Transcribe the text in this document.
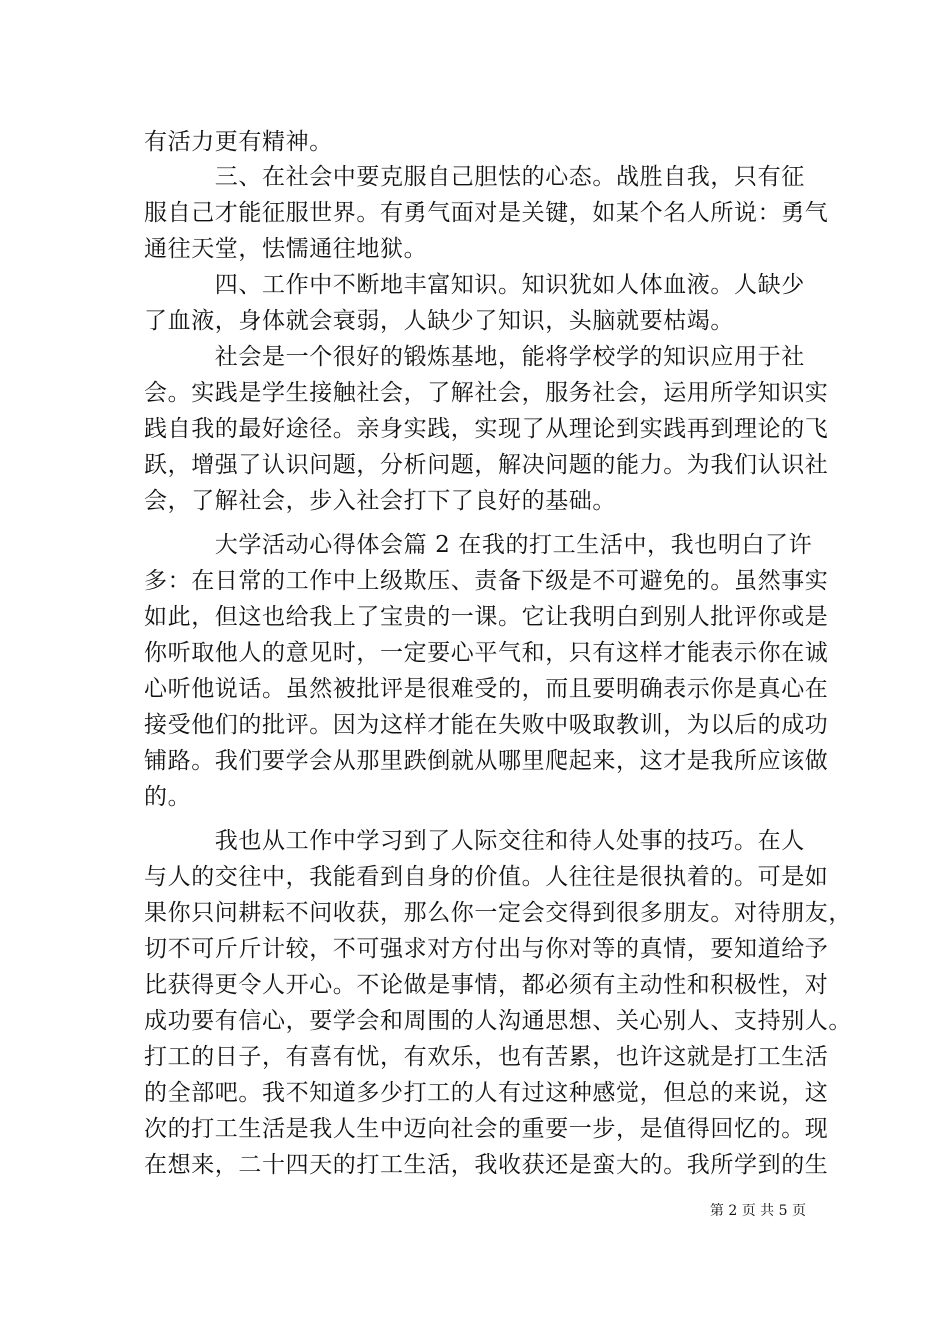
有活力更有精神。
　　　三、在社会中要克服自己胆怯的心态。战胜自我，只有征
服自己才能征服世界。有勇气面对是关键，如某个名人所说：勇气
通往天堂，怯懦通往地狱。
　　　四、工作中不断地丰富知识。知识犹如人体血液。人缺少
了血液，身体就会衰弱，人缺少了知识，头脑就要枯竭。
　　　社会是一个很好的锻炼基地，能将学校学的知识应用于社
会。实践是学生接触社会，了解社会，服务社会，运用所学知识实
践自我的最好途径。亲身实践，实现了从理论到实践再到理论的飞
跃，增强了认识问题，分析问题，解决问题的能力。为我们认识社
会，了解社会，步入社会打下了良好的基础。
　　　大学活动心得体会篇 2 在我的打工生活中，我也明白了许
多：在日常的工作中上级欺压、责备下级是不可避免的。虽然事实
如此，但这也给我上了宝贵的一课。它让我明白到别人批评你或是
你听取他人的意见时，一定要心平气和，只有这样才能表示你在诚
心听他说话。虽然被批评是很难受的，而且要明确表示你是真心在
接受他们的批评。因为这样才能在失败中吸取教训，为以后的成功
铺路。我们要学会从那里跌倒就从哪里爬起来，这才是我所应该做
的。
　　　我也从工作中学习到了人际交往和待人处事的技巧。在人
与人的交往中，我能看到自身的价值。人往往是很执着的。可是如
果你只问耕耘不问收获，那么你一定会交得到很多朋友。对待朋友，
切不可斤斤计较，不可强求对方付出与你对等的真情，要知道给予
比获得更令人开心。不论做是事情，都必须有主动性和积极性，对
成功要有信心，要学会和周围的人沟通思想、关心别人、支持别人。
打工的日子，有喜有忧，有欢乐，也有苦累，也许这就是打工生活
的全部吧。我不知道多少打工的人有过这种感觉，但总的来说，这
次的打工生活是我人生中迈向社会的重要一步，是值得回忆的。现
在想来，二十四天的打工生活，我收获还是蛮大的。我所学到的生
第 2 页 共 5 页
